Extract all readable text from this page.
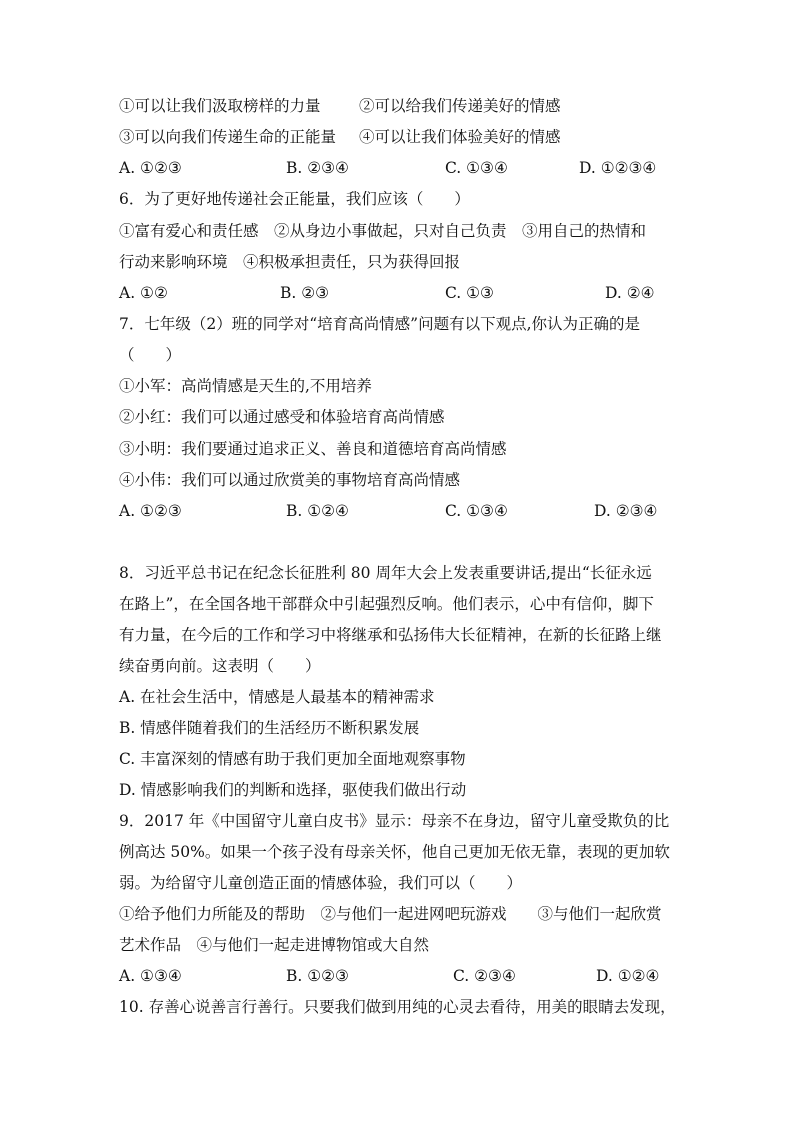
①可以让我们汲取榜样的力量 ②可以给我们传递美好的情感
③可以向我们传递生命的正能量 ④可以让我们体验美好的情感
A. ①②③	B. ②③④	C. ①③④	D. ①②③④
6．为了更好地传递社会正能量，我们应该（　　）
①富有爱心和责任感　②从身边小事做起，只对自己负责　③用自己的热情和
行动来影响环境　④积极承担责任，只为获得回报
A. ①②	B. ②③	C. ①③	D. ②④
7．七年级（2）班的同学对“培育高尚情感”问题有以下观点,你认为正确的是
（　　）
①小军：高尚情感是天生的,不用培养
②小红：我们可以通过感受和体验培育高尚情感
③小明：我们要通过追求正义、善良和道德培育高尚情感
④小伟：我们可以通过欣赏美的事物培育高尚情感
A. ①②③	B. ①②④	C. ①③④	D. ②③④
8．习近平总书记在纪念长征胜利 80 周年大会上发表重要讲话,提出“长征永远
在路上”，在全国各地干部群众中引起强烈反响。他们表示，心中有信仰，脚下
有力量，在今后的工作和学习中将继承和弘扬伟大长征精神，在新的长征路上继
续奋勇向前。这表明（　　）
A. 在社会生活中，情感是人最基本的精神需求
B. 情感伴随着我们的生活经历不断积累发展
C. 丰富深刻的情感有助于我们更加全面地观察事物
D. 情感影响我们的判断和选择，驱使我们做出行动
9．2017 年《中国留守儿童白皮书》显示：母亲不在身边，留守儿童受欺负的比
例高达 50%。如果一个孩子没有母亲关怀，他自己更加无依无靠，表现的更加软
弱。为给留守儿童创造正面的情感体验，我们可以（　　）
①给予他们力所能及的帮助　②与他们一起进网吧玩游戏　　③与他们一起欣赏
艺术作品　④与他们一起走进博物馆或大自然
A. ①③④	B. ①②③	C. ②③④	D. ①②④
10. 存善心说善言行善行。只要我们做到用纯的心灵去看待，用美的眼睛去发现，
